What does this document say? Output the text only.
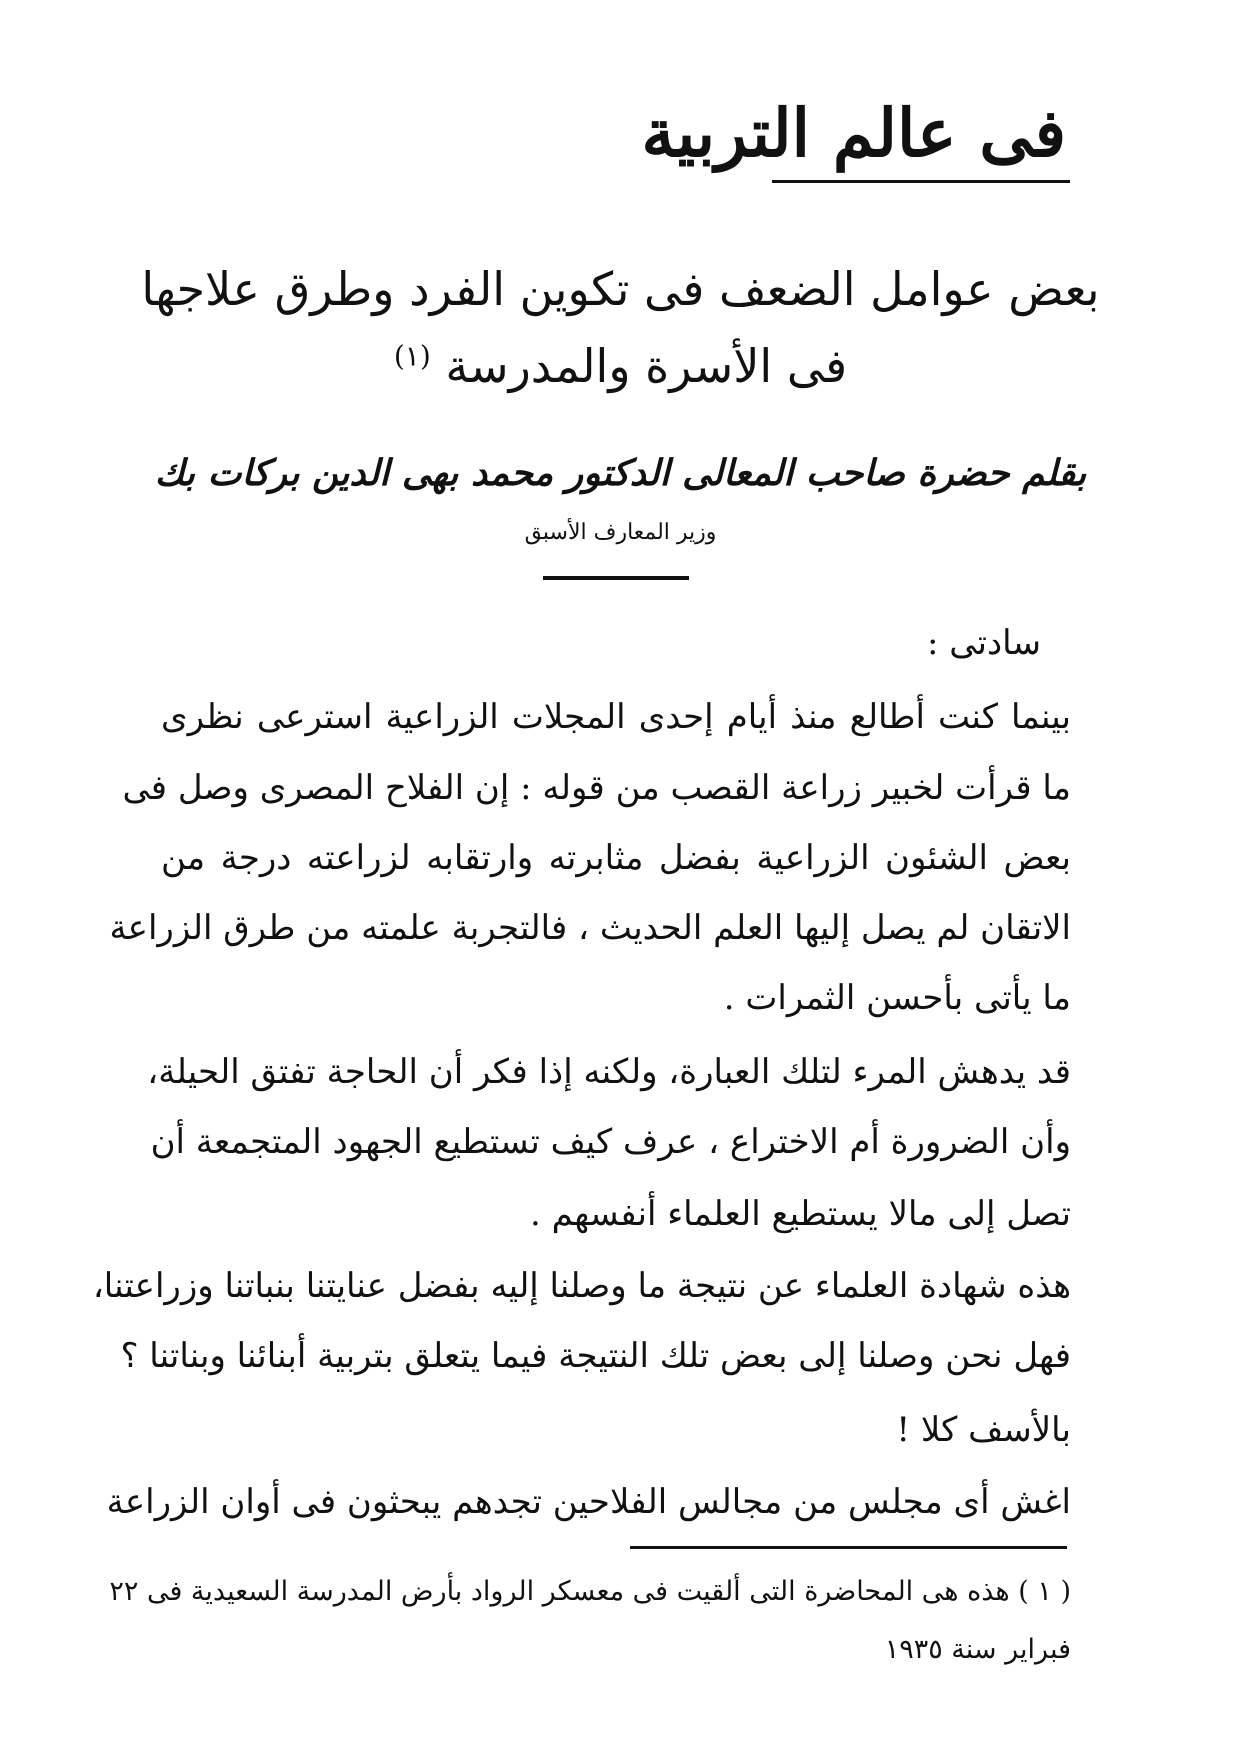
فى عالم التربية
بعض عوامل الضعف فى تكوين الفرد وطرق علاجها
فى الأسرة والمدرسة $^{(١)}$
بقلم حضرة صاحب المعالى الدكتور محمد بهى الدين بركات بك
وزير المعارف الأسبق
سادتى :
بينما كنت أطالع منذ أيام إحدى المجلات الزراعية استرعى نظرى
ما قرأت لخبير زراعة القصب من قوله : إن الفلاح المصرى وصل فى
بعض الشئون الزراعية بفضل مثابرته وارتقابه لزراعته درجة من
الاتقان لم يصل إليها العلم الحديث ، فالتجربة علمته من طرق الزراعة
ما يأتى بأحسن الثمرات .
قد يدهش المرء لتلك العبارة، ولكنه إذا فكر أن الحاجة تفتق الحيلة،
وأن الضرورة أم الاختراع ، عرف كيف تستطيع الجهود المتجمعة أن
تصل إلى مالا يستطيع العلماء أنفسهم .
هذه شهادة العلماء عن نتيجة ما وصلنا إليه بفضل عنايتنا بنباتنا وزراعتنا،
فهل نحن وصلنا إلى بعض تلك النتيجة فيما يتعلق بتربية أبنائنا وبناتنا ؟
بالأسف كلا !
اغش أى مجلس من مجالس الفلاحين تجدهم يبحثون فى أوان الزراعة
( ١ ) هذه هى المحاضرة التى ألقيت فى معسكر الرواد بأرض المدرسة السعيدية فى ٢٢
فبراير سنة ١٩٣٥
